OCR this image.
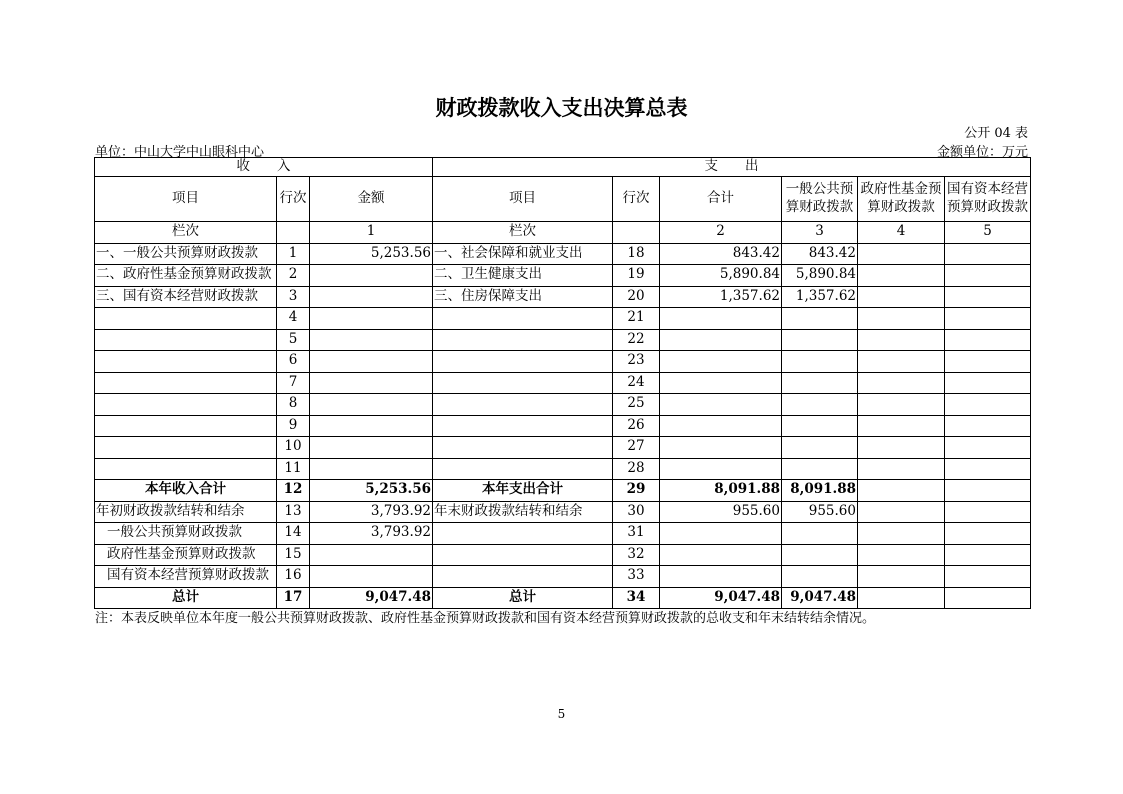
财政拨款收入支出决算总表
公开 04 表
单位：中山大学中山眼科中心	金额单位：万元
收　　入			支　　出					
项目	行次	金额	项目	行次	合计	一般公共预算财政拨款	政府性基金预算财政拨款	国有资本经营预算财政拨款
栏次		1	栏次		2	3	4	5
一、一般公共预算财政拨款	1	5,253.56	一、社会保障和就业支出	18	843.42	843.42		
二、政府性基金预算财政拨款	2		二、卫生健康支出	19	5,890.84	5,890.84		
三、国有资本经营财政拨款	3		三、住房保障支出	20	1,357.62	1,357.62		
	4			21				
	5			22				
	6			23				
	7			24				
	8			25				
	9			26				
	10			27				
	11			28				
本年收入合计	12	5,253.56	本年支出合计	29	8,091.88	8,091.88		
年初财政拨款结转和结余	13	3,793.92	年末财政拨款结转和结余	30	955.60	955.60		
一般公共预算财政拨款	14	3,793.92		31				
政府性基金预算财政拨款	15			32				
国有资本经营预算财政拨款	16			33				
总计	17	9,047.48	总计	34	9,047.48	9,047.48		
注：本表反映单位本年度一般公共预算财政拨款、政府性基金预算财政拨款和国有资本经营预算财政拨款的总收支和年末结转结余情况。
5
